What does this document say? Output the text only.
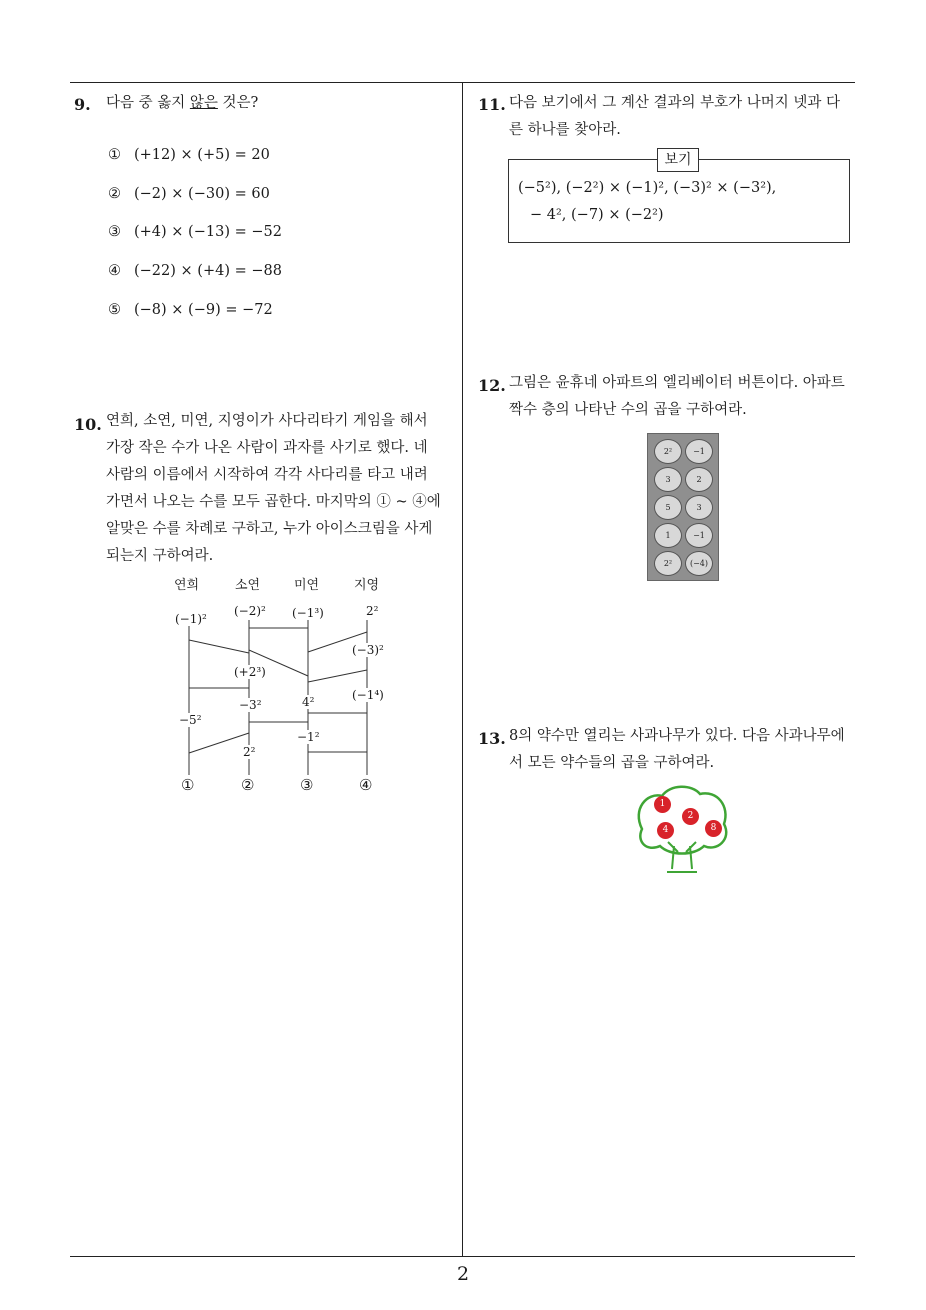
9. 다음 중 옳지 않은 것은?
① (+12) × (+5) = 20
② (−2) × (−30) = 60
③ (+4) × (−13) = −52
④ (−22) × (+4) = −88
⑤ (−8) × (−9) = −72
10. 연희, 소연, 미연, 지영이가 사다리타기 게임을 해서
가장 작은 수가 나온 사람이 과자를 사기로 했다. 네
사람의 이름에서 시작하여 각각 사다리를 타고 내려
가면서 나오는 수를 모두 곱한다. 마지막의 ① ~ ④에
알맞은 수를 차례로 구하고, 누가 아이스크림을 사게
되는지 구하여라.
연희	소연	미연	지영
(−1)²
(−2)² (−1³)	2²
(+2³)
(−3)²
(−1⁴)
−5²
−3²	4²
−1²
2²
①	②	③	④
11. 다음 보기에서 그 계산 결과의 부호가 나머지 넷과 다
른 하나를 찾아라.
보기
(−5²), (−2²) × (−1)², (−3)² × (−3²),
− 4², (−7) × (−2²)
12. 그림은 윤휴네 아파트의 엘리베이터 버튼이다. 아파트
짝수 층의 나타난 수의 곱을 구하여라.
2²	−1
3	2
5	3
1	−1
2²	(−4)
13. 8의 약수만 열리는 사과나무가 있다. 다음 사과나무에
서 모든 약수들의 곱을 구하여라.
1
2
4	8
2
